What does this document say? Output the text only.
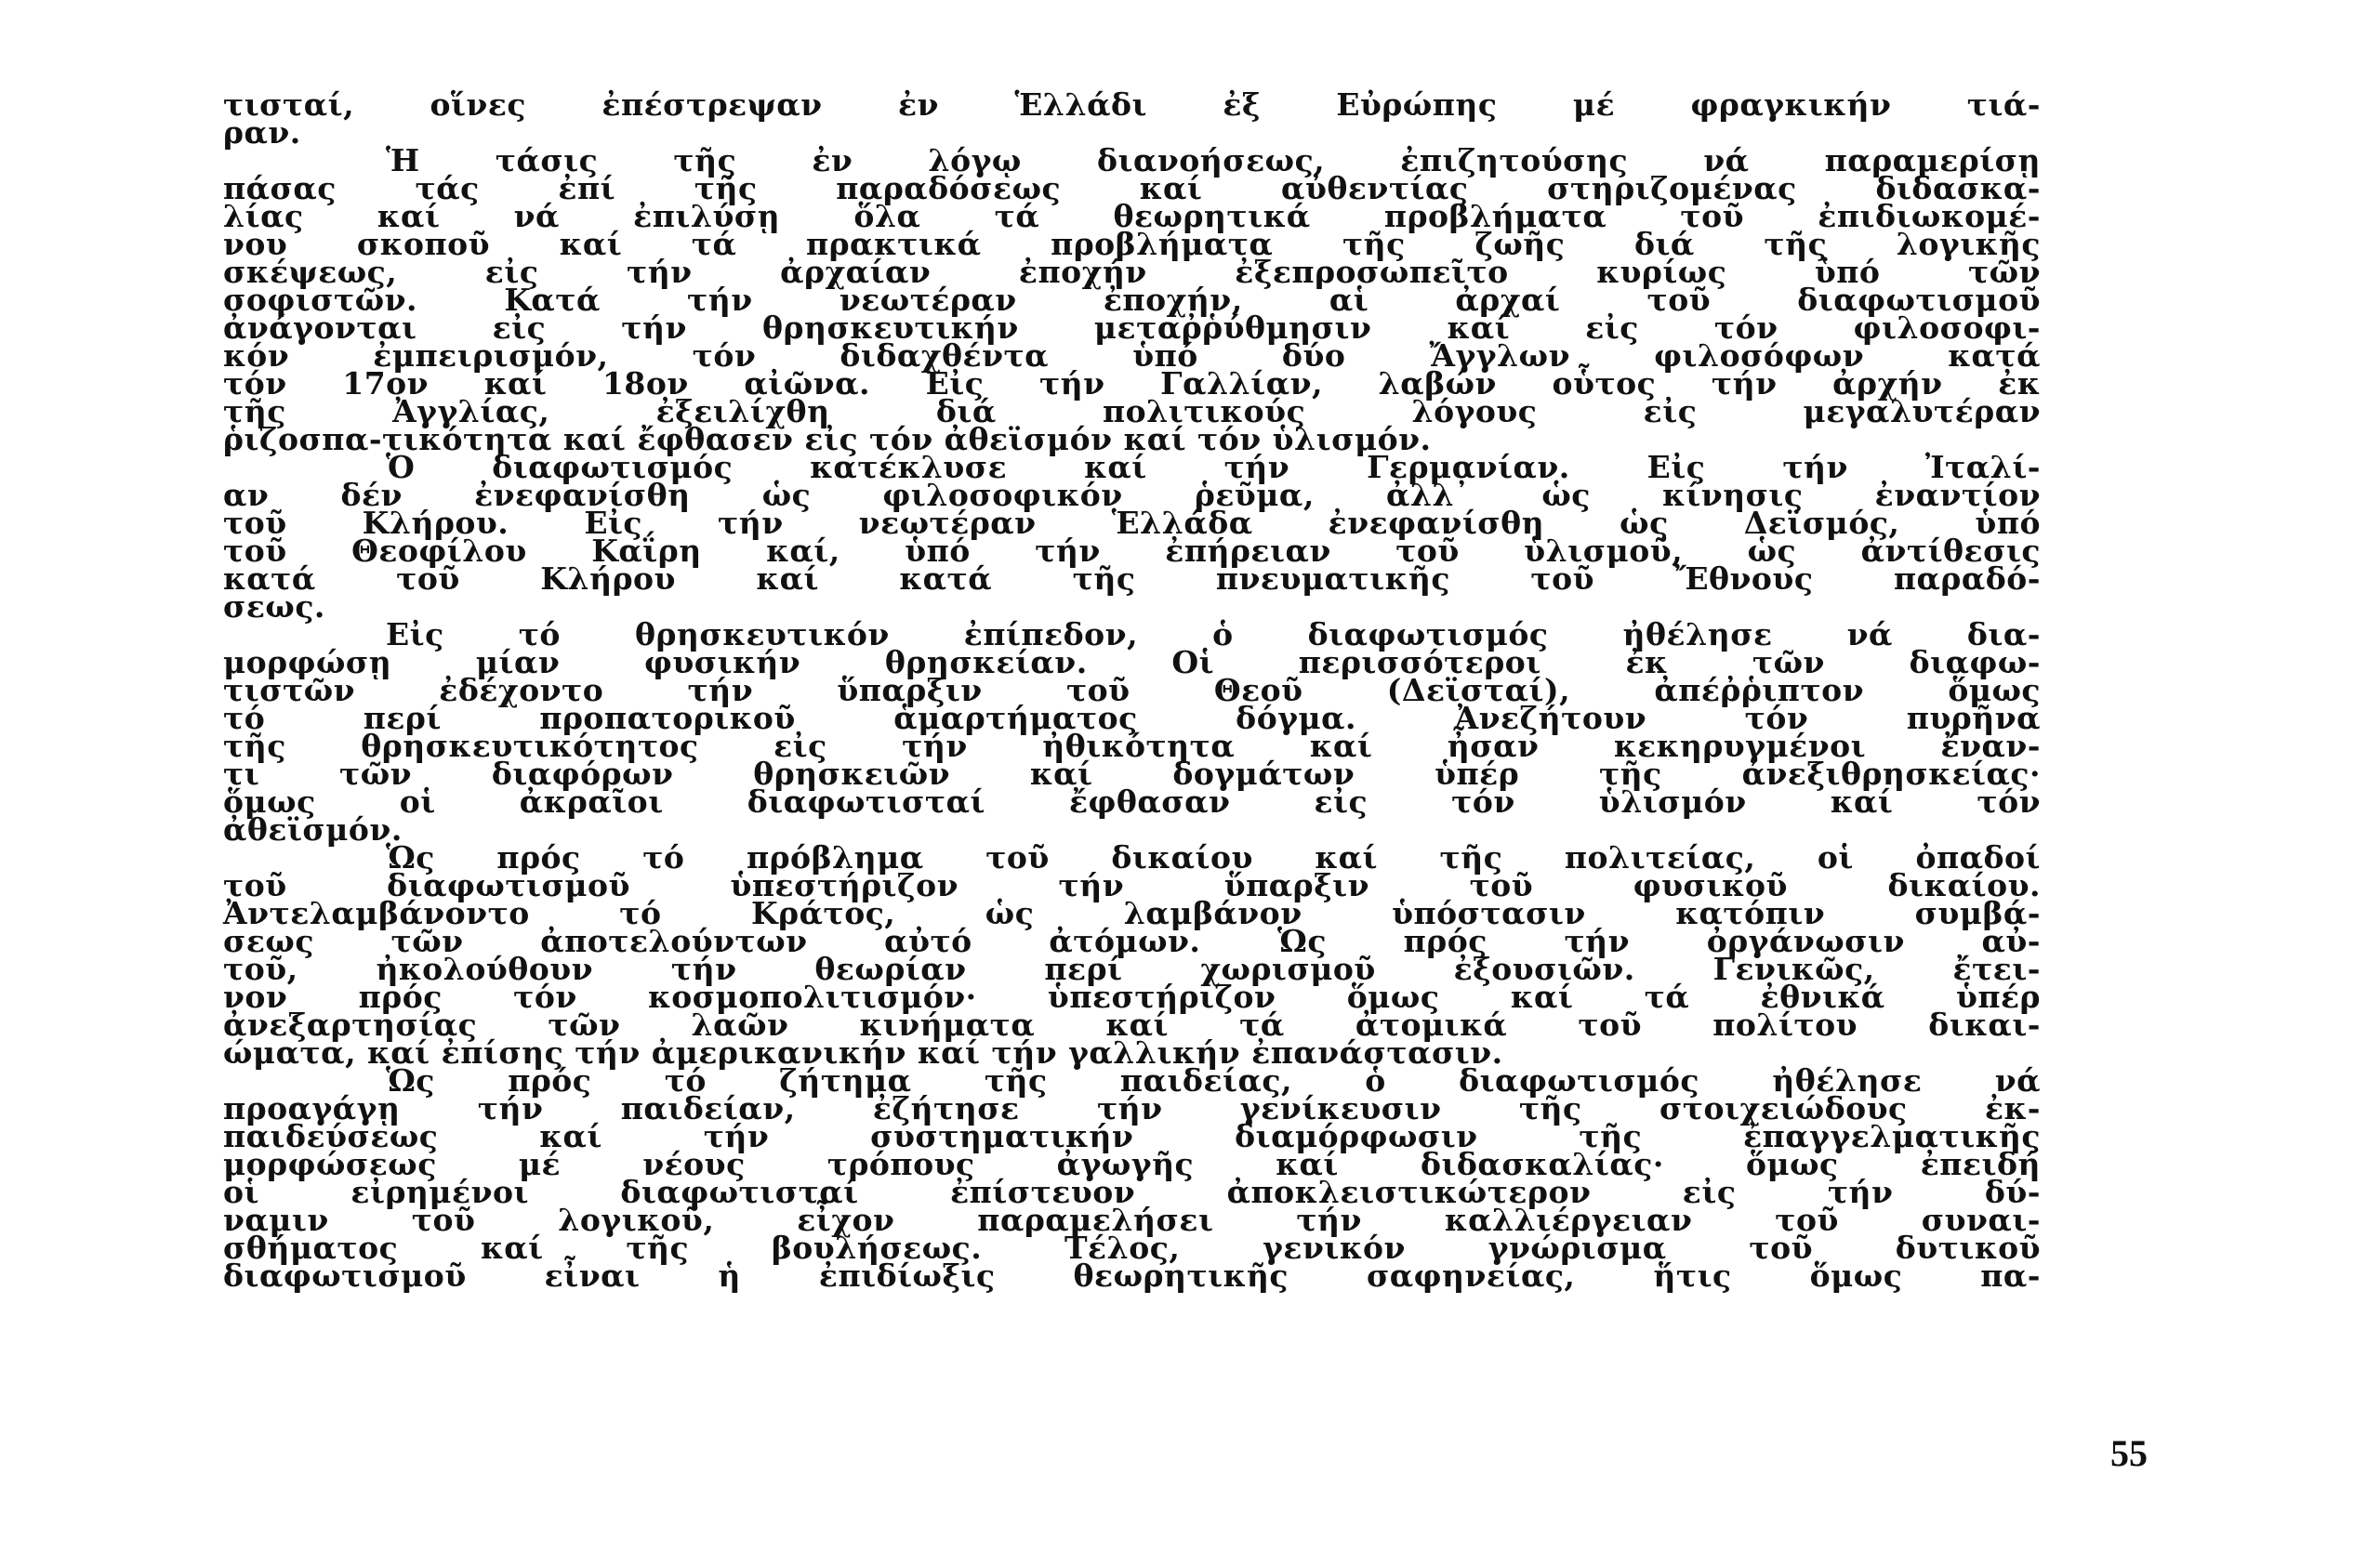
τισταί, οἵνες ἐπέστρεψαν ἐν Ἑλλάδι ἐξ Εὐρώπης μέ φραγκικήν τιά-
ραν.
Ἡ τάσις τῆς ἐν λόγῳ διανοήσεως, ἐπιζητούσης νά παραμερίσῃ
πάσας τάς ἐπί τῆς παραδόσεως καί αὐθεντίας στηριζομένας διδασκα-
λίας καί νά ἐπιλύσῃ ὅλα τά θεωρητικά προβλήματα τοῦ ἐπιδιωκομέ-
νου σκοποῦ καί τά πρακτικά προβλήματα τῆς ζωῆς διά τῆς λογικῆς
σκέψεως, εἰς τήν ἀρχαίαν ἐποχήν ἐξεπροσωπεῖτο κυρίως ὑπό τῶν
σοφιστῶν. Κατά τήν νεωτέραν ἐποχήν, αἱ ἀρχαί τοῦ διαφωτισμοῦ
ἀνάγονται εἰς τήν θρησκευτικήν μεταῤῥύθμησιν καί εἰς τόν φιλοσοφι-
κόν ἐμπειρισμόν, τόν διδαχθέντα ὑπό δύο Ἄγγλων φιλοσόφων κατά
τόν 17ον καί 18ον αἰῶνα. Εἰς τήν Γαλλίαν, λαβών οὗτος τήν ἀρχήν ἐκ
τῆς Ἀγγλίας, ἐξειλίχθη διά πολιτικούς λόγους εἰς μεγαλυτέραν
ῥιζοσπα-τικότητα καί ἔφθασεν εἰς τόν ἀθεϊσμόν καί τόν ὑλισμόν.
Ὁ διαφωτισμός κατέκλυσε καί τήν Γερμανίαν. Εἰς τήν Ἰταλί-
αν δέν ἐνεφανίσθη ὡς φιλοσοφικόν ῥεῦμα, ἀλλ᾽ ὡς κίνησις ἐναντίον
τοῦ Κλήρου. Εἰς τήν νεωτέραν Ἑλλάδα ἐνεφανίσθη ὡς Δεϊσμός, ὑπό
τοῦ Θεοφίλου Καΐρη καί, ὑπό τήν ἐπήρειαν τοῦ ὑλισμοῦ, ὡς ἀντίθεσις
κατά τοῦ Κλήρου καί κατά τῆς πνευματικῆς τοῦ Ἔθνους παραδό-
σεως.
Εἰς τό θρησκευτικόν ἐπίπεδον, ὁ διαφωτισμός ἠθέλησε νά δια-
μορφώσῃ μίαν φυσικήν θρησκείαν. Οἱ περισσότεροι ἐκ τῶν διαφω-
τιστῶν ἐδέχοντο τήν ὕπαρξιν τοῦ Θεοῦ (Δεϊσταί), ἀπέῤῥιπτον ὅμως
τό περί προπατορικοῦ ἁμαρτήματος δόγμα. Ἀνεζήτουν τόν πυρῆνα
τῆς θρησκευτικότητος εἰς τήν ἠθικότητα καί ἦσαν κεκηρυγμένοι ἔναν-
τι τῶν διαφόρων θρησκειῶν καί δογμάτων ὑπέρ τῆς ἀνεξιθρησκείας·
ὅμως οἱ ἀκραῖοι διαφωτισταί ἔφθασαν εἰς τόν ὑλισμόν καί τόν
ἀθεϊσμόν.
Ὡς πρός τό πρόβλημα τοῦ δικαίου καί τῆς πολιτείας, οἱ ὀπαδοί
τοῦ διαφωτισμοῦ ὑπεστήριζον τήν ὕπαρξιν τοῦ φυσικοῦ δικαίου.
Ἀντελαμβάνοντο τό Κράτος, ὡς λαμβάνον ὑπόστασιν κατόπιν συμβά-
σεως τῶν ἀποτελούντων αὐτό ἀτόμων. Ὡς πρός τήν ὀργάνωσιν αὐ-
τοῦ, ἠκολούθουν τήν θεωρίαν περί χωρισμοῦ ἐξουσιῶν. Γενικῶς, ἔτει-
νον πρός τόν κοσμοπολιτισμόν· ὑπεστήριζον ὅμως καί τά ἐθνικά ὑπέρ
ἀνεξαρτησίας τῶν λαῶν κινήματα καί τά ἀτομικά τοῦ πολίτου δικαι-
ώματα, καί ἐπίσης τήν ἀμερικανικήν καί τήν γαλλικήν ἐπανάστασιν.
Ὡς πρός τό ζήτημα τῆς παιδείας, ὁ διαφωτισμός ἠθέλησε νά
προαγάγῃ τήν παιδείαν, ἐζήτησε τήν γενίκευσιν τῆς στοιχειώδους ἐκ-
παιδεύσεως καί τήν συστηματικήν διαμόρφωσιν τῆς ἐπαγγελματικῆς
μορφώσεως μέ νέους τρόπους ἀγωγῆς καί διδασκαλίας· ὅμως ἐπειδή
οἱ εἰρημένοι διαφωτισταί ἐπίστευον ἀποκλειστικώτερον εἰς τήν δύ-
ναμιν τοῦ λογικοῦ, εἶχον παραμελήσει τήν καλλιέργειαν τοῦ συναι-
σθήματος καί τῆς βουλήσεως. Τέλος, γενικόν γνώρισμα τοῦ δυτικοῦ
διαφωτισμοῦ εἶναι ἡ ἐπιδίωξις θεωρητικῆς σαφηνείας, ἥτις ὅμως πα-
55
